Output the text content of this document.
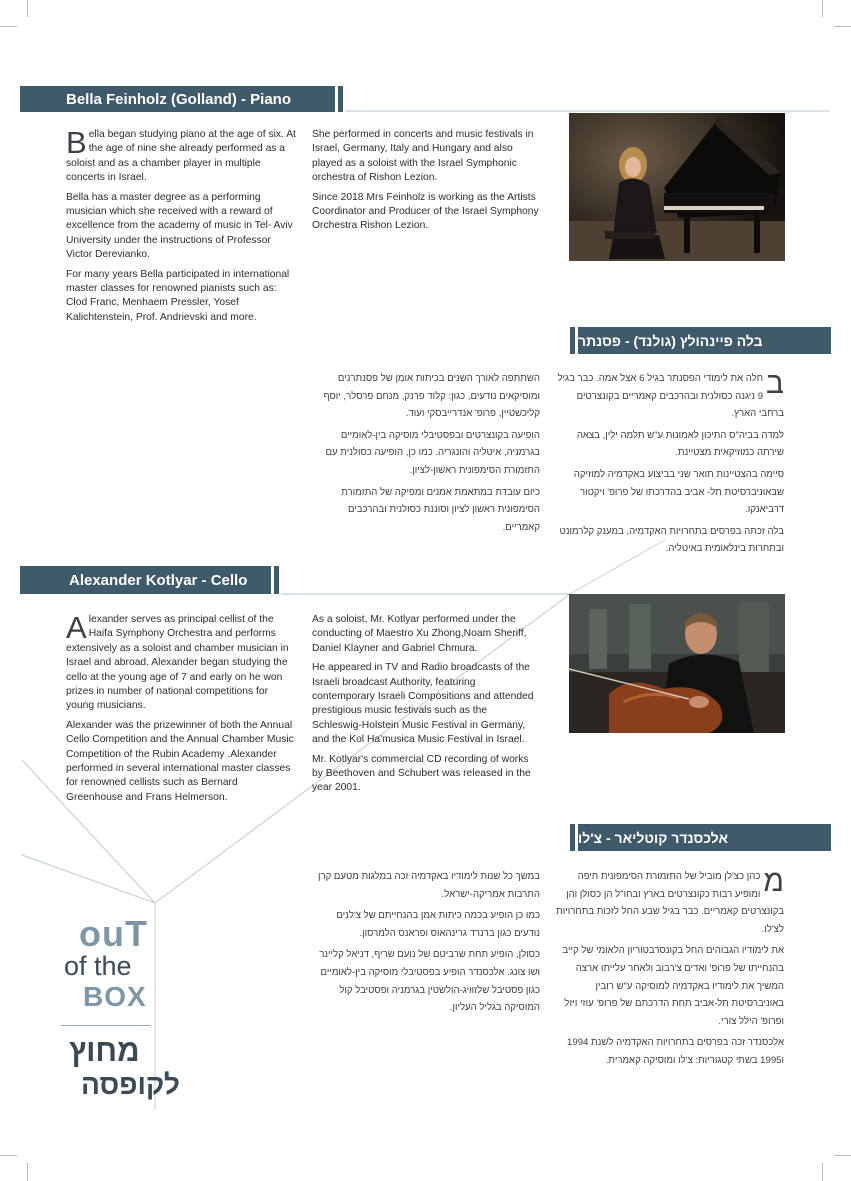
Bella Feinholz (Golland) - Piano

Bella began studying piano at the age of six. At the age of nine she already performed as a soloist and as a chamber player in multiple concerts in Israel.

Bella has a master degree as a performing musician which she received with a reward of excellence from the academy of music in Tel- Aviv University under the instructions of Professor Victor Derevianko.

For many years Bella participated in international master classes for renowned pianists such as: Clod Franc, Menhaem Pressler, Yosef Kalichtenstein, Prof. Andrievski and more.

She performed in concerts and music festivals in Israel, Germany, Italy and Hungary and also played as a soloist with the Israel Symphonic orchestra of Rishon Lezion.

Since 2018 Mrs Feinholz is working as the Artists Coordinator and Producer of the Israel Symphony Orchestra Rishon Lezion.

בלה פיינהולץ (גולנד) - פסנתר

ב
חלה את לימודי הפסנתר בגיל 6 אצל אמה. כבר בגיל 9 ניגנה כסולנית ובהרכבים קאמריים בקונצרטים ברחבי הארץ.

למדה בביה"ס התיכון לאמונות ע"ש תלמה ילין, בצאה שירתה כמוזיקאית מצטיינת.

סיימה בהצטיינות תואר שני בביצוע באקדמיה למוזיקה שבאוניברסיטת תל- אביב בהדרכתו של פרופ' ויקטור דרביאנקו.

בלה זכתה בפרסים בתחרויות האקדמיה, במענק קלרמונט ובתחרות בינלאומית באיטליה.

השתתפה לאורך השנים בכיתות אומן של פסנתרנים ומוסיקאים נודעים, כגון: קלוד פרנק, מנחם פרסלר, יוסף קליכשטיין, פרופ' אנדרייבסקי ועוד.

הופיעה בקונצרטים ובפסטיבלי מוסיקה בין-לאומיים בגרמניה, איטליה והונגריה. כמו כן, הופיעה כסולנית עם התזמורת הסימפונית ראשון-לציון.

כיום עובדת במתאמת אמנים ומפיקה של התזמורת הסימפונית ראשון לציון וסוננת כסולנית ובהרכבים קאמריים.

Alexander Kotlyar - Cello

Alexander serves as principal cellist of the Haifa Symphony Orchestra and performs extensively as a soloist and chamber musician in Israel and abroad. Alexander began studying the cello at the young age of 7 and early on he won prizes in number of national competitions for young musicians.

Alexander was the prizewinner of both the Annual Cello Competition and the Annual Chamber Music Competition of the Rubin Academy .Alexander performed in several international master classes for renowned cellists such as Bernard Greenhouse and Frans Helmerson.

As a soloist, Mr. Kotlyar performed under the conducting of Maestro Xu Zhong,Noam Sheriff, Daniel Klayner and Gabriel Chmura.

He appeared in TV and Radio broadcasts of the Israeli broadcast Authority, featuring contemporary Israeli Compositions and attended prestigious music festivals such as the Schleswig-Holstein Music Festival in Germany, and the Kol Ha'musica Music Festival in Israel.

Mr. Kotlyar's commercial CD recording of works by Beethoven and Schubert was released in the year 2001.

אלכסנדר קוטליאר - צ'לו

מ
כהן כצ'לן מוביל של התזמורת הסימפונית חיפה ומופיע רבות כקונצרטים בארץ ובחו"ל הן כסולן והן בקונצרטים קאמריים. כבר בגיל שבע החל לזכות בתחרויות לצ'לו.

את לימודיו הגבוהים החל בקונסרבטוריון הלאומי של קייב בהנחייתו של פרופ' ואדים צ'רבוב ולאחר עלייתו ארצה המשיך את לימודיו באקדמיה למוסיקה ע"ש רובין באוניברסיטת תל-אביב תחת הדרכתם של פרופ' עוזי ויזל ופרופ' הילל צורי.

אלכסנדר זכה בפרסים בתחרויות האקדמיה לשנת 1994 ו1995 בשתי קטגוריות: צ'לו ומוסיקה קאמרית.

במשך כל שנות לימודיו באקדמיה זכה במלגות מטעם קרן התרבות אמריקה-ישראל.

כמו כן הופיע בכמה כיתות אמן בהנחייתם של צ'לנים נודעים כגון ברנרד גרינהאוס ופראנס הלמרסון.

כסולן, הופיע תחת שרביטם של נועם שריף, דניאל קליינר ושו צונג. אלכסנדר הופיע בפסטיבלי מוסיקה בין-לאומיים כגון פסטיבל שלזוויג-הולשטין בגרמניה ופסטיבל קול המוסיקה בגליל העליון.

ouT
of the
BOX
מחוץ
לקופסה
